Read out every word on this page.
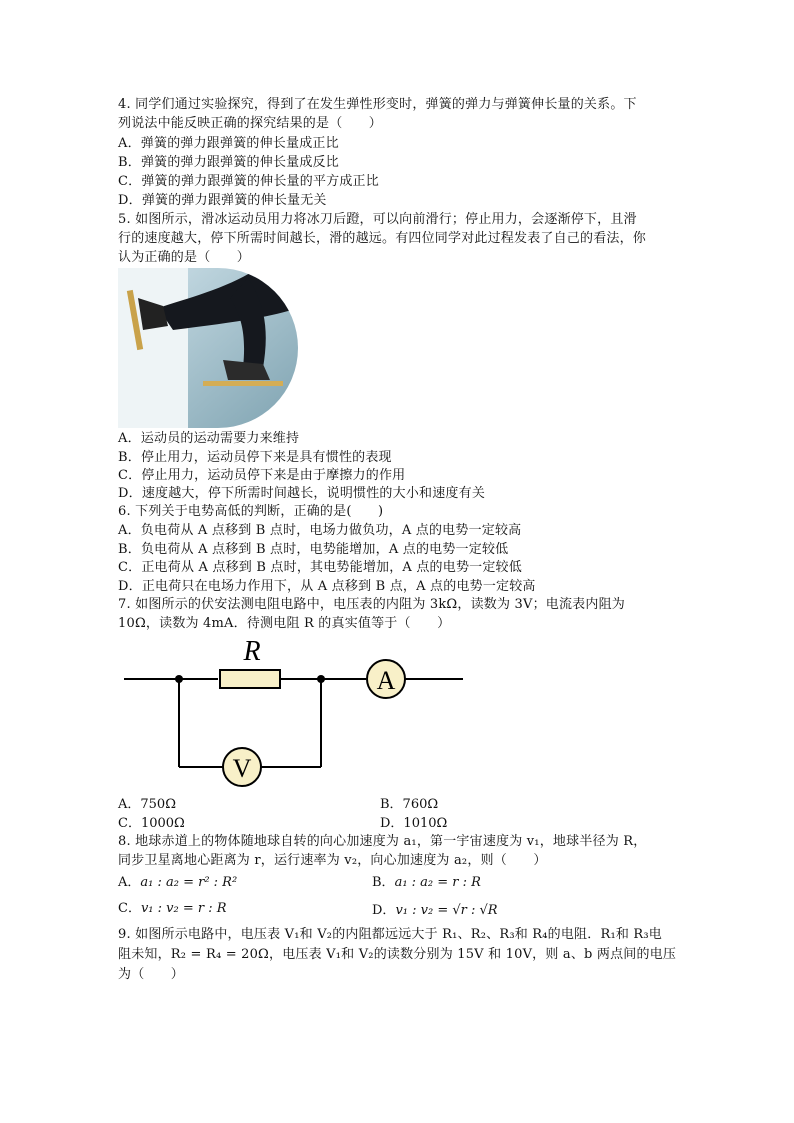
4. 同学们通过实验探究，得到了在发生弹性形变时，弹簧的弹力与弹簧伸长量的关系。下
列说法中能反映正确的探究结果的是（　　）
A．弹簧的弹力跟弹簧的伸长量成正比
B．弹簧的弹力跟弹簧的伸长量成反比
C．弹簧的弹力跟弹簧的伸长量的平方成正比
D．弹簧的弹力跟弹簧的伸长量无关
5. 如图所示，滑冰运动员用力将冰刀后蹬，可以向前滑行；停止用力，会逐渐停下，且滑
行的速度越大，停下所需时间越长，滑的越远。有四位同学对此过程发表了自己的看法，你
认为正确的是（　　）
A．运动员的运动需要力来维持
B．停止用力，运动员停下来是具有惯性的表现
C．停止用力，运动员停下来是由于摩擦力的作用
D．速度越大，停下所需时间越长，说明惯性的大小和速度有关
6. 下列关于电势高低的判断，正确的是(　　)
A．负电荷从 A 点移到 B 点时，电场力做负功，A 点的电势一定较高
B．负电荷从 A 点移到 B 点时，电势能增加，A 点的电势一定较低
C．正电荷从 A 点移到 B 点时，其电势能增加，A 点的电势一定较低
D．正电荷只在电场力作用下，从 A 点移到 B 点，A 点的电势一定较高
7. 如图所示的伏安法测电阻电路中，电压表的内阻为 3kΩ，读数为 3V；电流表内阻为
10Ω，读数为 4mA．待测电阻 R 的真实值等于（　　）
R
A
V
A．750Ω	B．760Ω
C．1000Ω	D．1010Ω
8. 地球赤道上的物体随地球自转的向心加速度为 a₁，第一宇宙速度为 v₁，地球半径为 R，
同步卫星离地心距离为 r，运行速率为 v₂，向心加速度为 a₂，则（　　）
A．a₁ : a₂ = r² : R²	B．a₁ : a₂ = r : R
C．v₁ : v₂ = r : R	D．v₁ : v₂ = √r : √R
9. 如图所示电路中，电压表 V₁和 V₂的内阻都远远大于 R₁、R₂、R₃和 R₄的电阻．R₁和 R₃电
阻未知，R₂ = R₄ = 20Ω，电压表 V₁和 V₂的读数分别为 15V 和 10V，则 a、b 两点间的电压
为（　　）
